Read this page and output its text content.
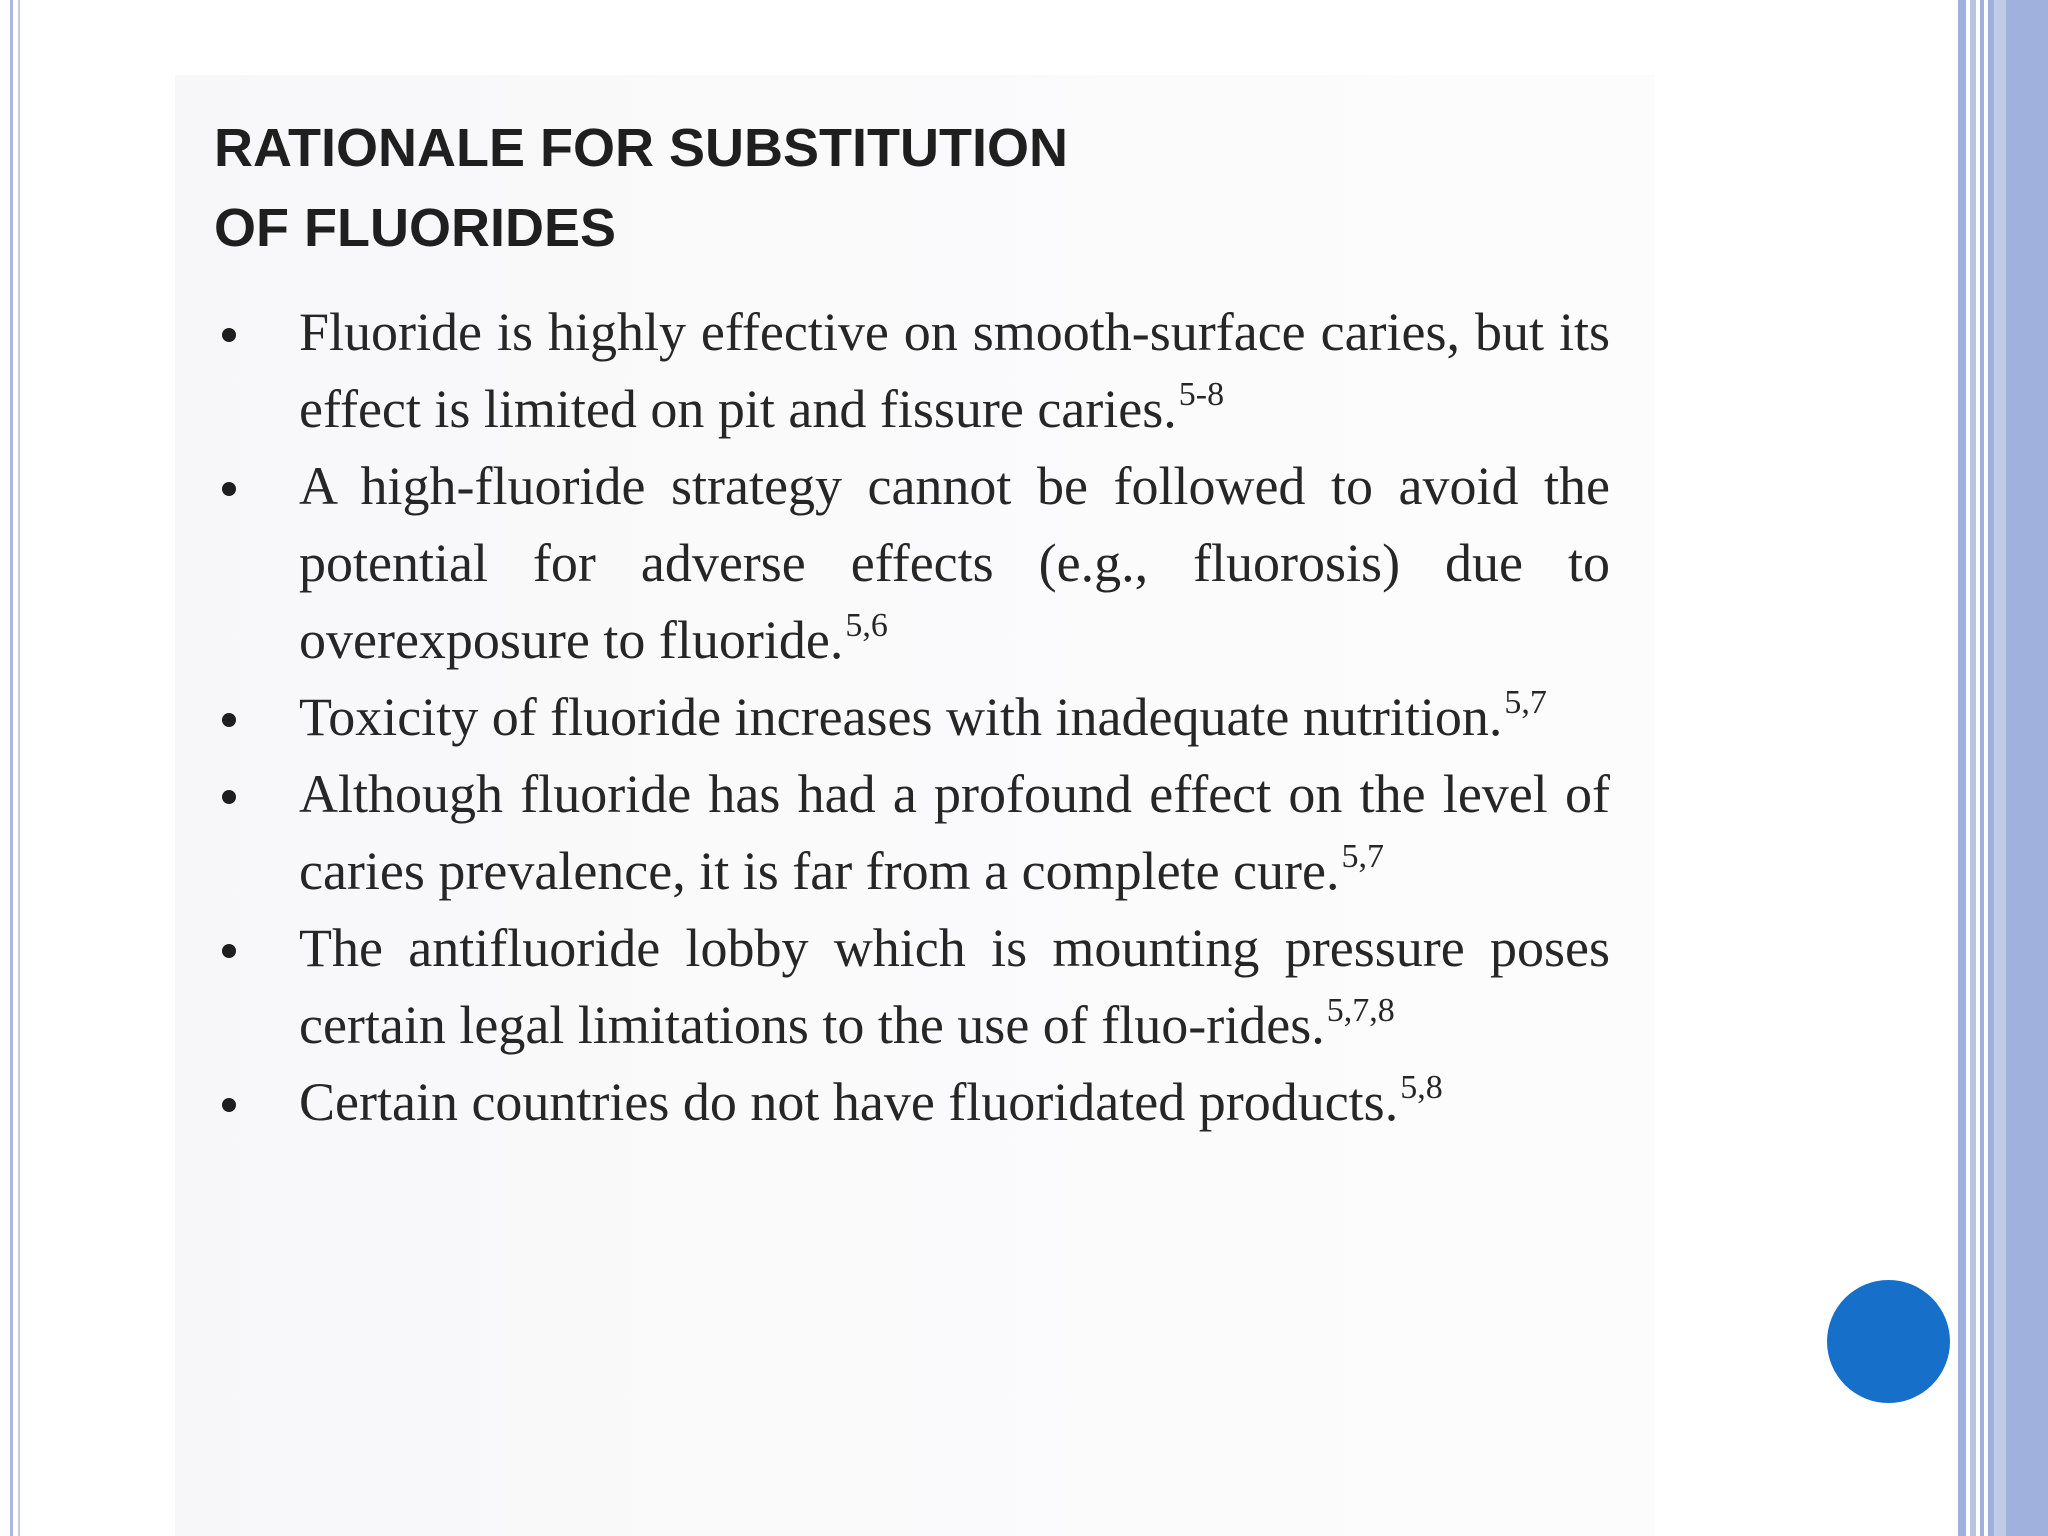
RATIONALE FOR SUBSTITUTION
OF FLUORIDES
Fluoride is highly effective on smooth-surface caries, but its effect is limited on pit and fissure caries.$^{5-8}$
A high-fluoride strategy cannot be followed to avoid the potential for adverse effects (e.g., fluorosis) due to overexposure to fluoride.$^{5,6}$
Toxicity of fluoride increases with inadequate nutrition.$^{5,7}$
Although fluoride has had a profound effect on the level of caries prevalence, it is far from a complete cure.$^{5,7}$
The antifluoride lobby which is mounting pressure poses certain legal limitations to the use of fluo-rides.$^{5,7,8}$
Certain countries do not have fluoridated products.$^{5,8}$
